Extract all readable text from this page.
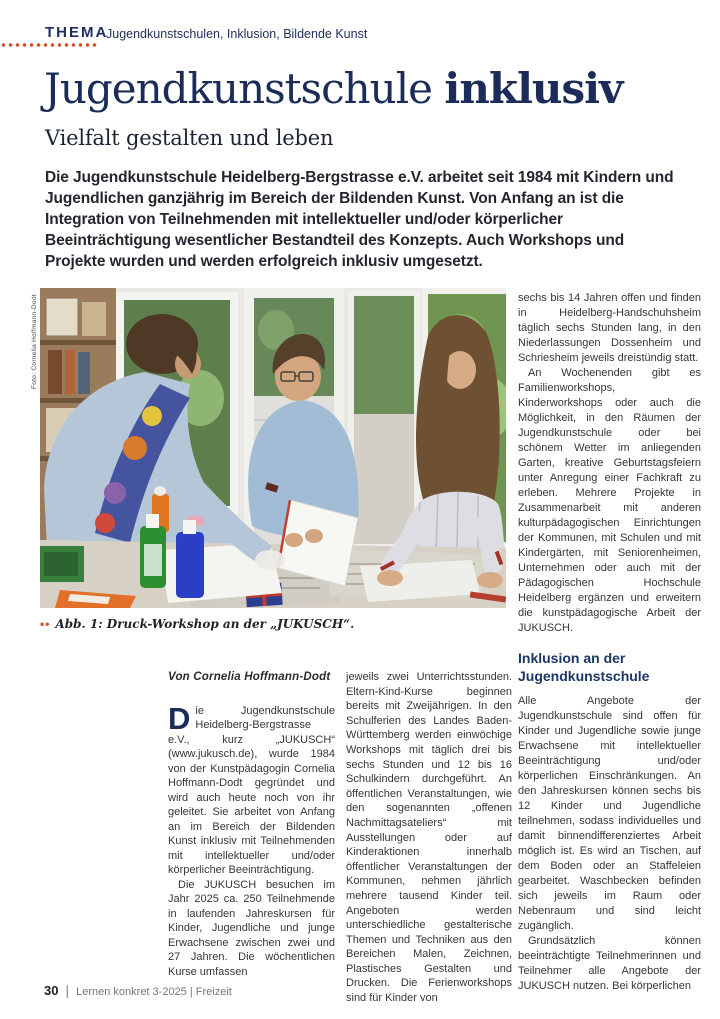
THEMA
Jugendkunstschulen, Inklusion, Bildende Kunst
Jugendkunstschule inklusiv
Vielfalt gestalten und leben

Die Jugendkunstschule Heidelberg-Bergstrasse e.V. arbeitet seit 1984 mit Kindern und Jugendlichen ganzjährig im Bereich der Bildenden Kunst. Von Anfang an ist die Integration von Teilnehmenden mit intellektueller und/oder körperlicher Beeinträchtigung wesentlicher Bestandteil des Konzepts. Auch Workshops und Projekte wurden und werden erfolgreich inklusiv umgesetzt.

Foto: Cornelia Hoffmann-Dodt
•• Abb. 1: Druck-Workshop an der „JUKUSCH“.

Von Cornelia Hoffmann-Dodt

Die Jugendkunstschule Heidelberg-Bergstrasse e.V., kurz „JUKUSCH“ (www.jukusch.de), wurde 1984 von der Kunstpädagogin Cornelia Hoffmann-Dodt gegründet und wird auch heute noch von ihr geleitet. Sie arbeitet von Anfang an im Bereich der Bildenden Kunst inklusiv mit Teilnehmenden mit intellektueller und/oder körperlicher Beeinträchtigung.

Die JUKUSCH besuchen im Jahr 2025 ca. 250 Teilnehmende in laufenden Jahreskursen für Kinder, Jugendliche und junge Erwachsene zwischen zwei und 27 Jahren. Die wöchentlichen Kurse umfassen

jeweils zwei Unterrichtsstunden. Eltern-Kind-Kurse beginnen bereits mit Zweijährigen. In den Schulferien des Landes Baden-Württemberg werden einwöchige Workshops mit täglich drei bis sechs Stunden und 12 bis 16 Schulkindern durchgeführt. An öffentlichen Veranstaltungen, wie den sogenannten „offenen Nachmittagsateliers“ mit Ausstellungen oder auf Kinderaktionen innerhalb öffentlicher Veranstaltungen der Kommunen, nehmen jährlich mehrere tausend Kinder teil. Angeboten werden unterschiedliche gestalterische Themen und Techniken aus den Bereichen Malen, Zeichnen, Plastisches Gestalten und Drucken. Die Ferienworkshops sind für Kinder von

sechs bis 14 Jahren offen und finden in Heidelberg-Handschuhsheim täglich sechs Stunden lang, in den Niederlassungen Dossenheim und Schriesheim jeweils dreistündig statt.

An Wochenenden gibt es Familienworkshops, Kinderworkshops oder auch die Möglichkeit, in den Räumen der Jugendkunstschule oder bei schönem Wetter im anliegenden Garten, kreative Geburtstagsfeiern unter Anregung einer Fachkraft zu erleben. Mehrere Projekte in Zusammenarbeit mit anderen kulturpädagogischen Einrichtungen der Kommunen, mit Schulen und mit Kindergärten, mit Seniorenheimen, Unternehmen oder auch mit der Pädagogischen Hochschule Heidelberg ergänzen und erweitern die kunstpädagogische Arbeit der JUKUSCH.

Inklusion an der Jugendkunstschule

Alle Angebote der Jugendkunstschule sind offen für Kinder und Jugendliche sowie junge Erwachsene mit intellektueller Beeinträchtigung und/oder körperlichen Einschränkungen. An den Jahreskursen können sechs bis 12 Kinder und Jugendliche teilnehmen, sodass individuelles und damit binnendifferenziertes Arbeit möglich ist. Es wird an Tischen, auf dem Boden oder an Staffeleien gearbeitet. Waschbecken befinden sich jeweils im Raum oder Nebenraum und sind leicht zugänglich.

Grundsätzlich können beeinträchtigte Teilnehmerinnen und Teilnehmer alle Angebote der JUKUSCH nutzen. Bei körperlichen

30 | Lernen konkret 3-2025 | Freizeit
